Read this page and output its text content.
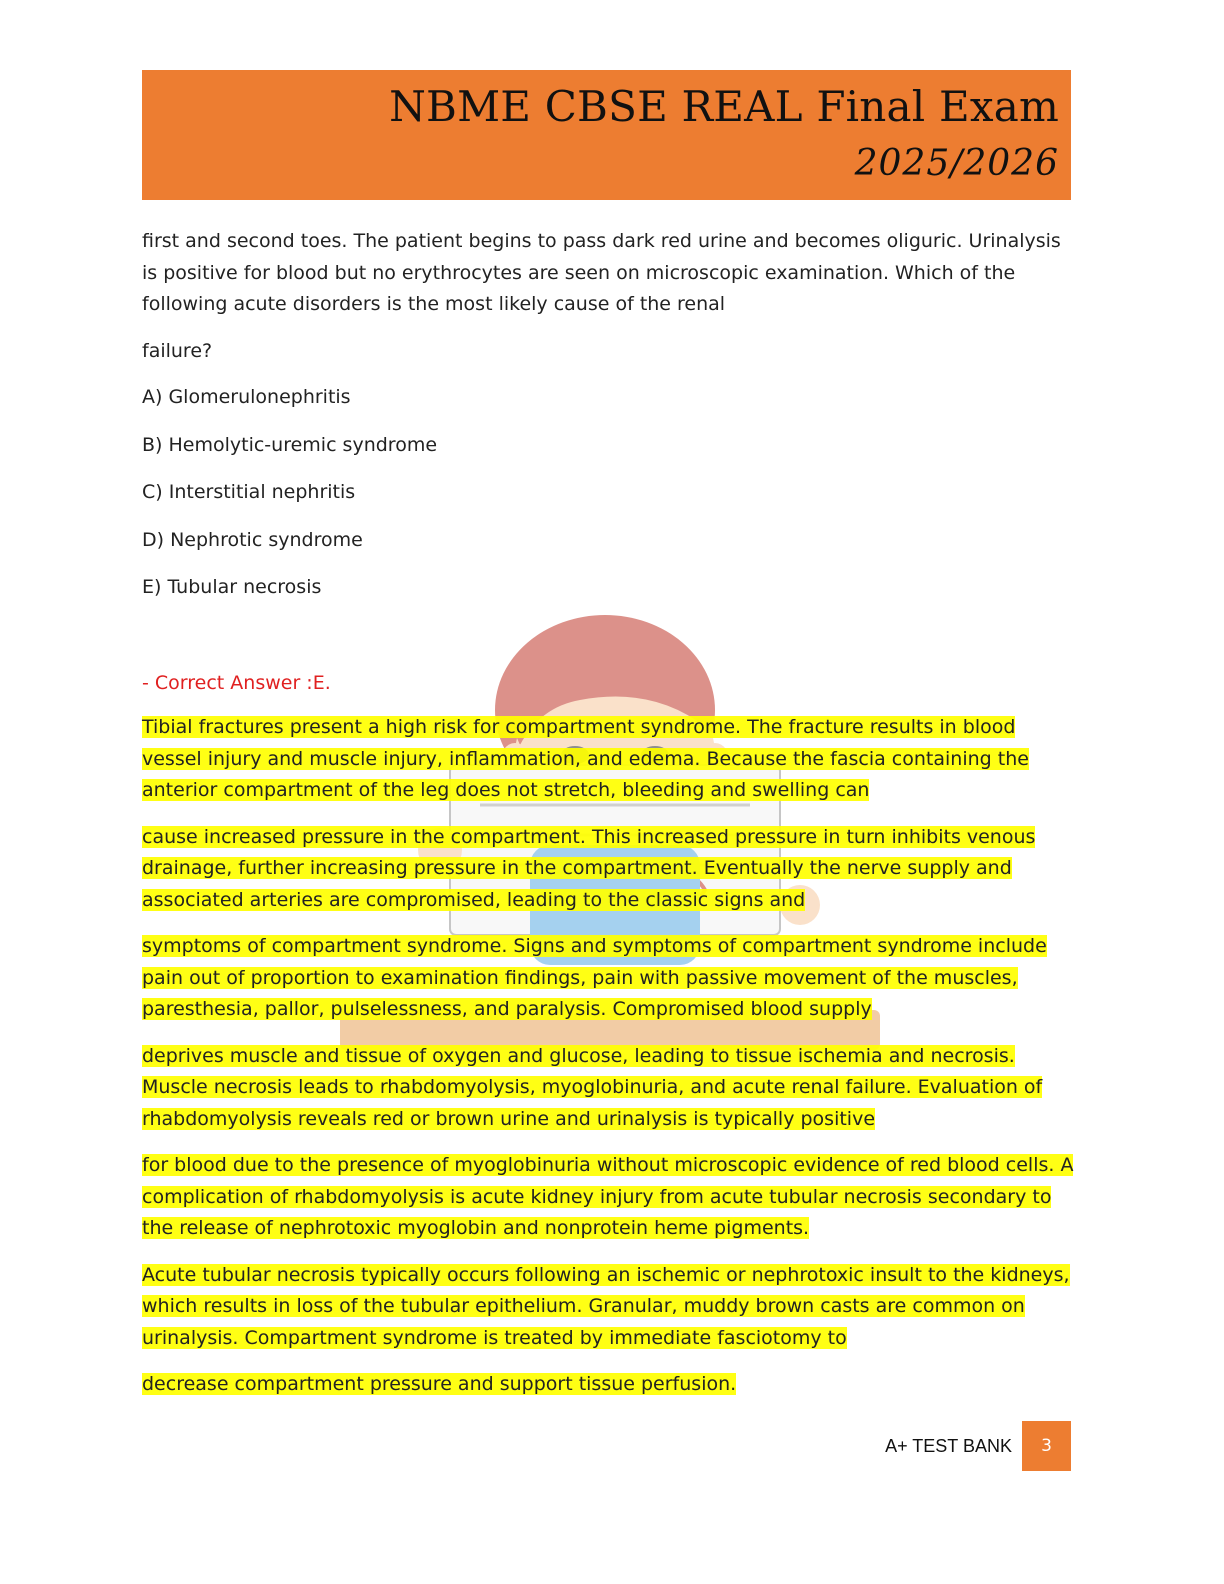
NBME CBSE REAL Final Exam
2025/2026

first and second toes. The patient begins to pass dark red urine and becomes oliguric. Urinalysis is positive for blood but no erythrocytes are seen on microscopic examination. Which of the following acute disorders is the most likely cause of the renal

failure?

A) Glomerulonephritis

B) Hemolytic-uremic syndrome

C) Interstitial nephritis

D) Nephrotic syndrome

E) Tubular necrosis

- Correct Answer :E.

Tibial fractures present a high risk for compartment syndrome. The fracture results in blood vessel injury and muscle injury, inflammation, and edema. Because the fascia containing the anterior compartment of the leg does not stretch, bleeding and swelling can

cause increased pressure in the compartment. This increased pressure in turn inhibits venous drainage, further increasing pressure in the compartment. Eventually the nerve supply and associated arteries are compromised, leading to the classic signs and

symptoms of compartment syndrome. Signs and symptoms of compartment syndrome include pain out of proportion to examination findings, pain with passive movement of the muscles, paresthesia, pallor, pulselessness, and paralysis. Compromised blood supply

deprives muscle and tissue of oxygen and glucose, leading to tissue ischemia and necrosis. Muscle necrosis leads to rhabdomyolysis, myoglobinuria, and acute renal failure. Evaluation of rhabdomyolysis reveals red or brown urine and urinalysis is typically positive

for blood due to the presence of myoglobinuria without microscopic evidence of red blood cells. A complication of rhabdomyolysis is acute kidney injury from acute tubular necrosis secondary to the release of nephrotoxic myoglobin and nonprotein heme pigments.

Acute tubular necrosis typically occurs following an ischemic or nephrotoxic insult to the kidneys, which results in loss of the tubular epithelium. Granular, muddy brown casts are common on urinalysis. Compartment syndrome is treated by immediate fasciotomy to

decrease compartment pressure and support tissue perfusion.

A+ TEST BANK	3
